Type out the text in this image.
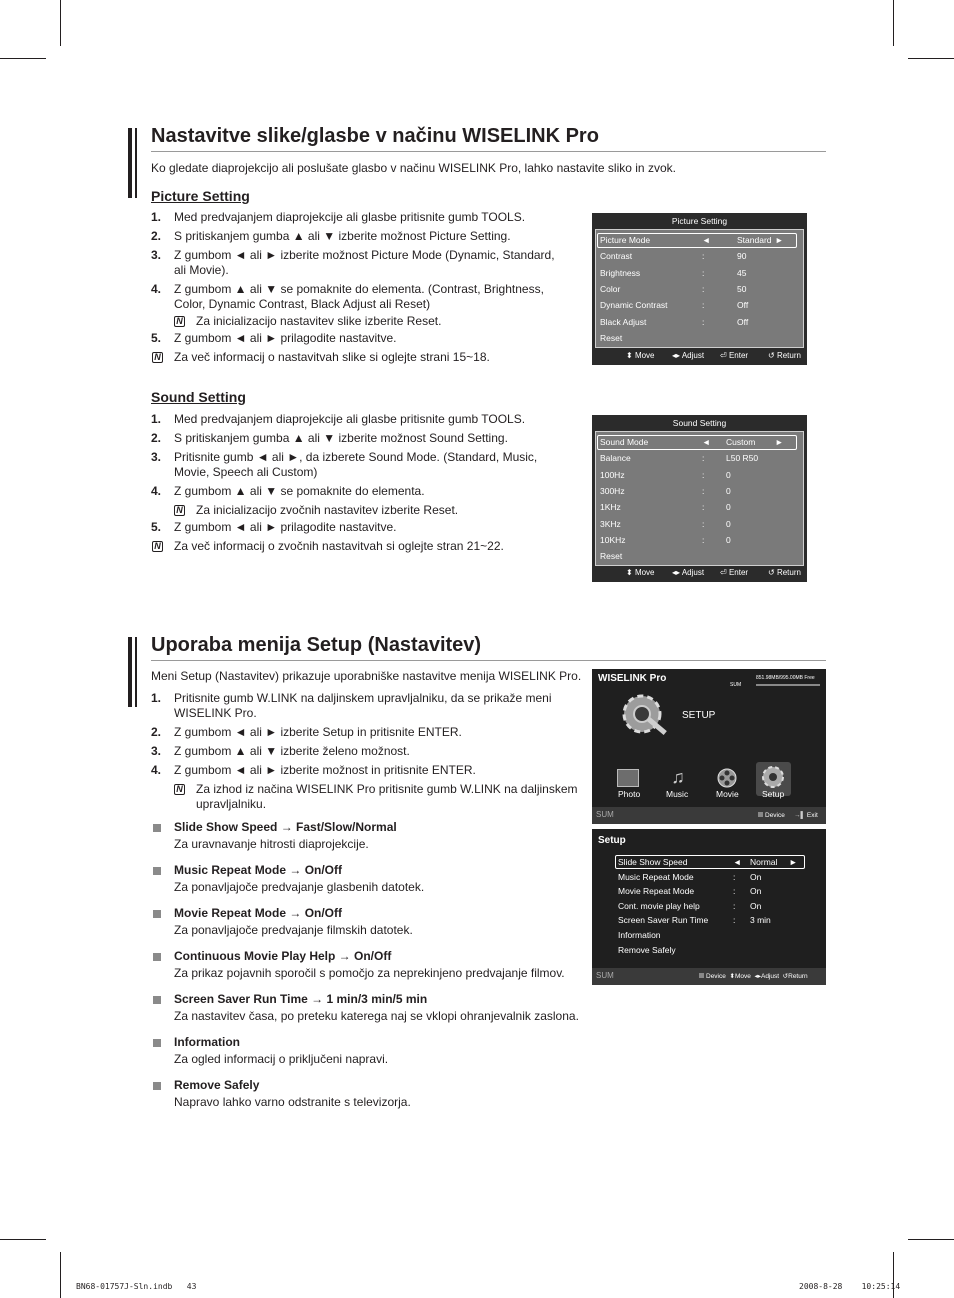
Nastavitve slike/glasbe v načinu WISELINK Pro
Ko gledate diaprojekcijo ali poslušate glasbo v načinu WISELINK Pro, lahko nastavite sliko in zvok.
Picture Setting
1. Med predvajanjem diaprojekcije ali glasbe pritisnite gumb TOOLS.
2. S pritiskanjem gumba ▲ ali ▼ izberite možnost Picture Setting.
3. Z gumbom ◄ ali ► izberite možnost Picture Mode (Dynamic, Standard,
ali Movie).
4. Z gumbom ▲ ali ▼ se pomaknite do elementa. (Contrast, Brightness,
Color, Dynamic Contrast, Black Adjust ali Reset)
N Za inicializacijo nastavitev slike izberite Reset.
5. Z gumbom ◄ ali ► prilagodite nastavitve.
N Za več informacij o nastavitvah slike si oglejte strani 15~18.
Sound Setting
1. Med predvajanjem diaprojekcije ali glasbe pritisnite gumb TOOLS.
2. S pritiskanjem gumba ▲ ali ▼ izberite možnost Sound Setting.
3. Pritisnite gumb ◄ ali ►, da izberete Sound Mode. (Standard, Music,
Movie, Speech ali Custom)
4. Z gumbom ▲ ali ▼ se pomaknite do elementa.
N Za inicializacijo zvočnih nastavitev izberite Reset.
5. Z gumbom ◄ ali ► prilagodite nastavitve.
N Za več informacij o zvočnih nastavitvah si oglejte stran 21~22.
Picture Setting
Picture Mode	◄	Standard ►
Contrast	:	90
Brightness	:	45
Color	:	50
Dynamic Contrast	:	Off
Black Adjust	:	Off
Reset
⬍ Move ◂▸ Adjust ⏎ Enter ↺ Return
Sound Setting
Sound Mode	◄ Custom ►
Balance	:	L50 R50
100Hz	:	0
300Hz	:	0
1KHz	:	0
3KHz	:	0
10KHz	:	0
Reset
⬍ Move ◂▸ Adjust ⏎ Enter ↺ Return
Uporaba menija Setup (Nastavitev)
Meni Setup (Nastavitev) prikazuje uporabniške nastavitve menija WISELINK Pro.
1. Pritisnite gumb W.LINK na daljinskem upravljalniku, da se prikaže meni
WISELINK Pro.
2. Z gumbom ◄ ali ► izberite Setup in pritisnite ENTER.
3. Z gumbom ▲ ali ▼ izberite želeno možnost.
4. Z gumbom ◄ ali ► izberite možnost in pritisnite ENTER.
N Za izhod iz načina WISELINK Pro pritisnite gumb W.LINK na daljinskem
upravljalniku.
Slide Show Speed → Fast/Slow/Normal
Za uravnavanje hitrosti diaprojekcije.
Music Repeat Mode → On/Off
Za ponavljajoče predvajanje glasbenih datotek.
Movie Repeat Mode → On/Off
Za ponavljajoče predvajanje filmskih datotek.
Continuous Movie Play Help → On/Off
Za prikaz pojavnih sporočil s pomočjo za neprekinjeno predvajanje filmov.
Screen Saver Run Time → 1 min/3 min/5 min
Za nastavitev časa, po preteku katerega naj se vklopi ohranjevalnik zaslona.
Information
Za ogled informacij o priključeni napravi.
Remove Safely
Napravo lahko varno odstranite s televizorja.
WISELINK Pro	851.98MB/995.00MB Free
SUM
SETUP
♫
Photo	Music	Movie	Setup
SUM	Device →▌ Exit
Setup
Slide Show Speed	◄ Normal ►
Music Repeat Mode	: On
Movie Repeat Mode	: On
Cont. movie play help	: On
Screen Saver Run Time	: 3 min
Information
Remove Safely
SUM	Device  ⬍Move  ◂▸Adjust  ↺Return
BN68-01757J-Sln.indb   43	2008-8-28    10:25:14
